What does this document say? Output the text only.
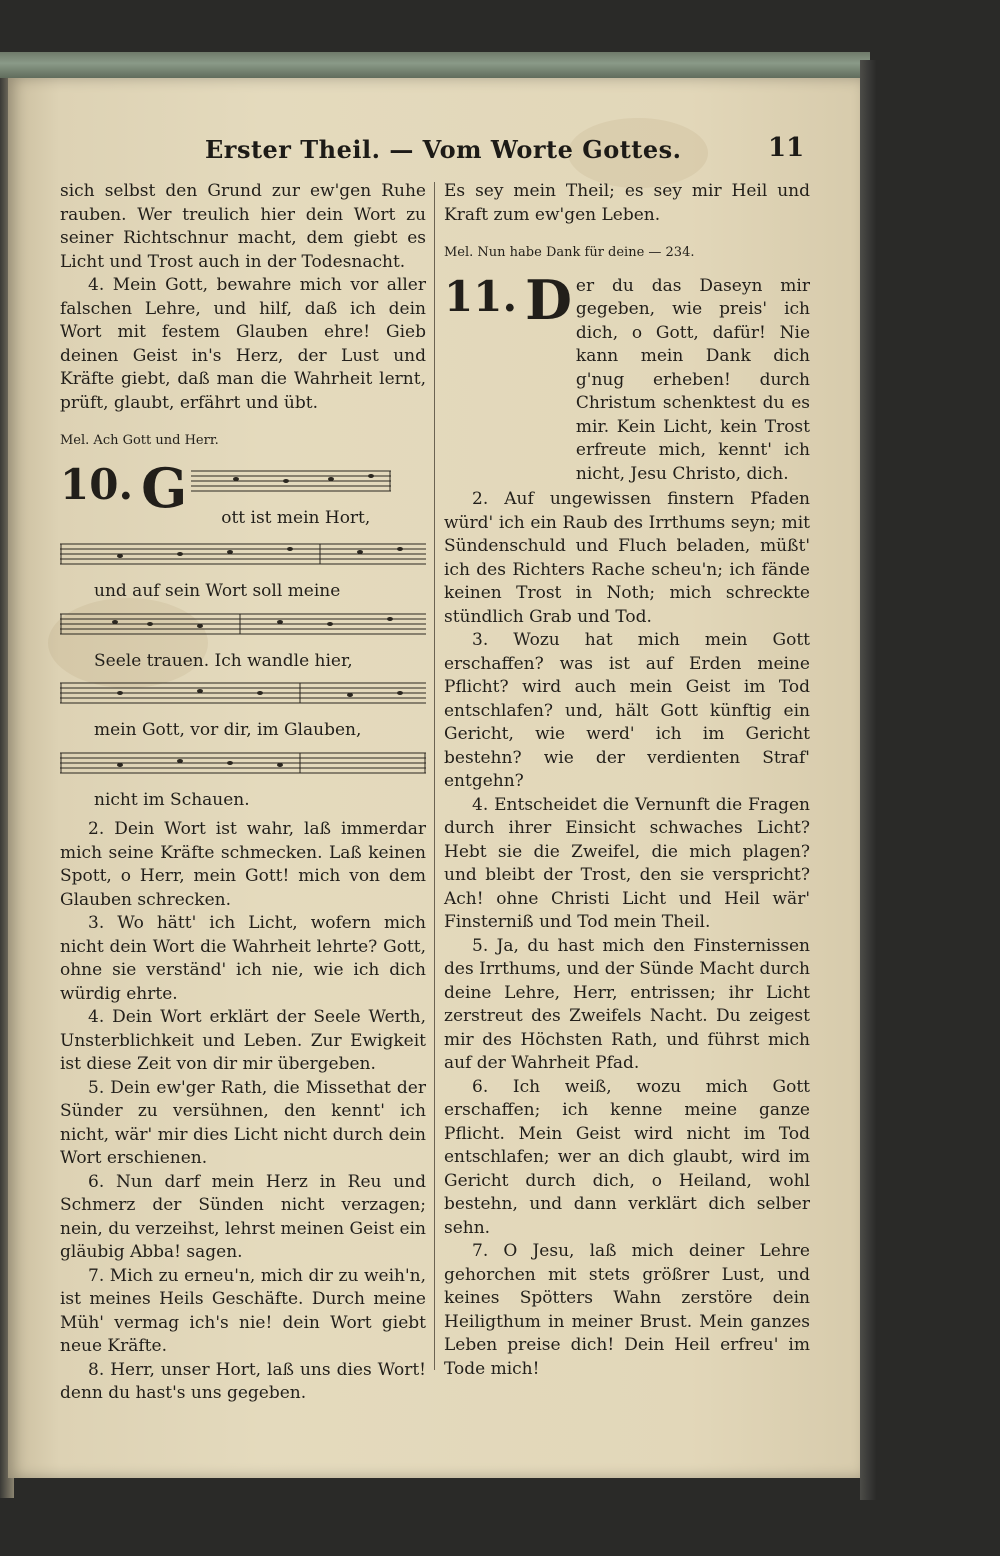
Erster Theil. — Vom Worte Gottes.	11

sich selbst den Grund zur ew'gen Ruhe rauben. Wer treulich hier dein Wort zu seiner Richtschnur macht, dem giebt es Licht und Trost auch in der Todesnacht.

4. Mein Gott, bewahre mich vor aller falschen Lehre, und hilf, daß ich dein Wort mit festem Glauben ehre! Gieb deinen Geist in's Herz, der Lust und Kräfte giebt, daß man die Wahrheit lernt, prüft, glaubt, erfährt und übt.

Mel. Ach Gott und Herr.

10. G ott ist mein Hort,
und auf sein Wort soll meine
Seele trauen. Ich wandle hier,
mein Gott, vor dir, im Glauben,
nicht im Schauen.

2. Dein Wort ist wahr, laß immerdar mich seine Kräfte schmecken. Laß keinen Spott, o Herr, mein Gott! mich von dem Glauben schrecken.

3. Wo hätt' ich Licht, wofern mich nicht dein Wort die Wahrheit lehrte? Gott, ohne sie verständ' ich nie, wie ich dich würdig ehrte.

4. Dein Wort erklärt der Seele Werth, Unsterblichkeit und Leben. Zur Ewigkeit ist diese Zeit von dir mir übergeben.

5. Dein ew'ger Rath, die Missethat der Sünder zu versühnen, den kennt' ich nicht, wär' mir dies Licht nicht durch dein Wort erschienen.

6. Nun darf mein Herz in Reu und Schmerz der Sünden nicht verzagen; nein, du verzeihst, lehrst meinen Geist ein gläubig Abba! sagen.

7. Mich zu erneu'n, mich dir zu weih'n, ist meines Heils Geschäfte. Durch meine Müh' vermag ich's nie! dein Wort giebt neue Kräfte.

8. Herr, unser Hort, laß uns dies Wort! denn du hast's uns gegeben.

Es sey mein Theil; es sey mir Heil und Kraft zum ew'gen Leben.

Mel. Nun habe Dank für deine — 234.

11. D er du das Daseyn mir gegeben, wie preis' ich dich, o Gott, dafür! Nie kann mein Dank dich g'nug erheben! durch Christum schenktest du es mir. Kein Licht, kein Trost erfreute mich, kennt' ich nicht, Jesu Christo, dich.

2. Auf ungewissen finstern Pfaden würd' ich ein Raub des Irrthums seyn; mit Sündenschuld und Fluch beladen, müßt' ich des Richters Rache scheu'n; ich fände keinen Trost in Noth; mich schreckte stündlich Grab und Tod.

3. Wozu hat mich mein Gott erschaffen? was ist auf Erden meine Pflicht? wird auch mein Geist im Tod entschlafen? und, hält Gott künftig ein Gericht, wie werd' ich im Gericht bestehn? wie der verdienten Straf' entgehn?

4. Entscheidet die Vernunft die Fragen durch ihrer Einsicht schwaches Licht? Hebt sie die Zweifel, die mich plagen? und bleibt der Trost, den sie verspricht? Ach! ohne Christi Licht und Heil wär' Finsterniß und Tod mein Theil.

5. Ja, du hast mich den Finsternissen des Irrthums, und der Sünde Macht durch deine Lehre, Herr, entrissen; ihr Licht zerstreut des Zweifels Nacht. Du zeigest mir des Höchsten Rath, und führst mich auf der Wahrheit Pfad.

6. Ich weiß, wozu mich Gott erschaffen; ich kenne meine ganze Pflicht. Mein Geist wird nicht im Tod entschlafen; wer an dich glaubt, wird im Gericht durch dich, o Heiland, wohl bestehn, und dann verklärt dich selber sehn.

7. O Jesu, laß mich deiner Lehre gehorchen mit stets größrer Lust, und keines Spötters Wahn zerstöre dein Heiligthum in meiner Brust. Mein ganzes Leben preise dich! Dein Heil erfreu' im Tode mich!
